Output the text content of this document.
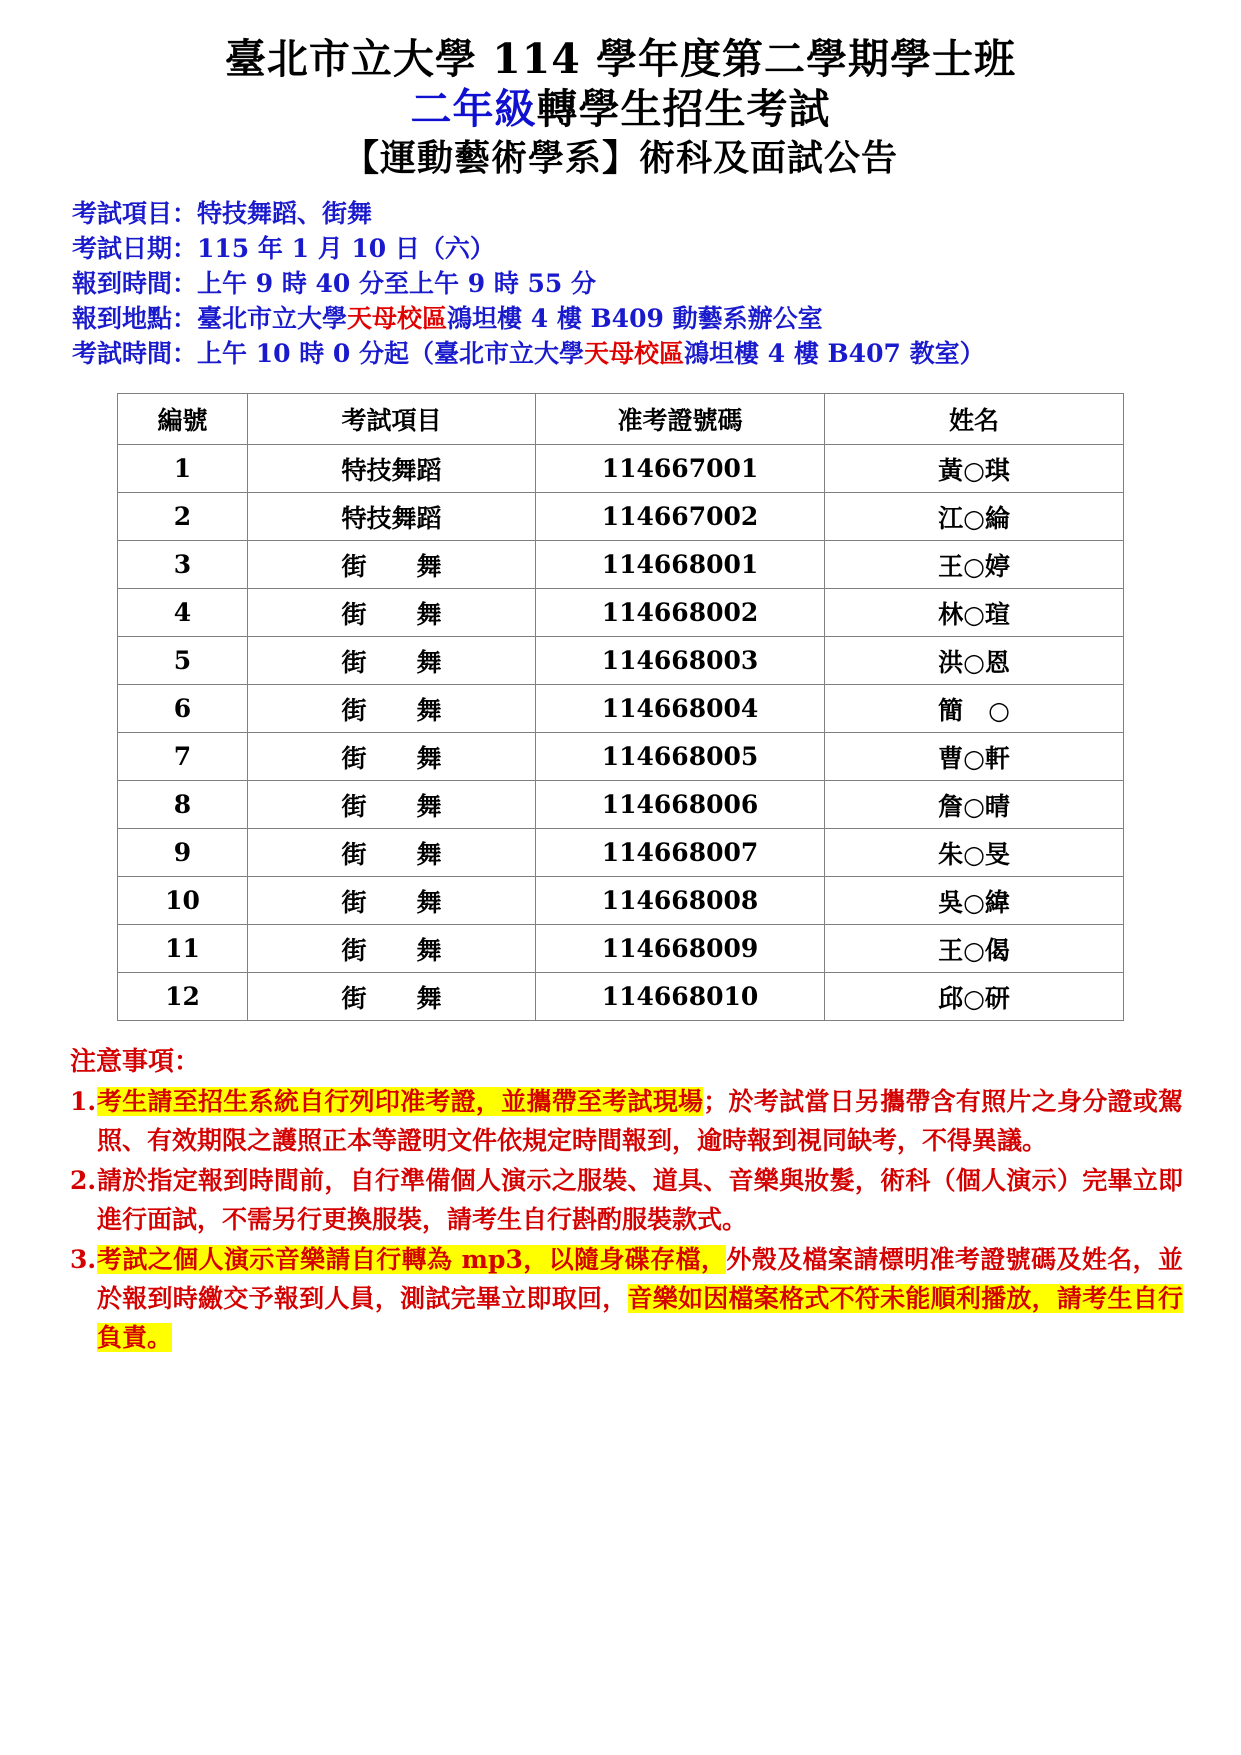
臺北市立大學 114 學年度第二學期學士班
二年級轉學生招生考試
【運動藝術學系】術科及面試公告
考試項目：特技舞蹈、街舞
考試日期：115 年 1 月 10 日（六）
報到時間：上午 9 時 40 分至上午 9 時 55 分
報到地點：臺北市立大學天母校區鴻坦樓 4 樓 B409 動藝系辦公室
考試時間：上午 10 時 0 分起（臺北市立大學天母校區鴻坦樓 4 樓 B407 教室）
編號	考試項目	准考證號碼	姓名
1	特技舞蹈	114667001	黃○琪
2	特技舞蹈	114667002	江○綸
3	街　　舞	114668001	王○婷
4	街　　舞	114668002	林○瑄
5	街　　舞	114668003	洪○恩
6	街　　舞	114668004	簡　○
7	街　　舞	114668005	曹○軒
8	街　　舞	114668006	詹○晴
9	街　　舞	114668007	朱○旻
10	街　　舞	114668008	吳○緯
11	街　　舞	114668009	王○偈
12	街　　舞	114668010	邱○研
注意事項：
1. 考生請至招生系統自行列印准考證，並攜帶至考試現場；於考試當日另攜帶含有照片之身分證或駕照、有效期限之護照正本等證明文件依規定時間報到，逾時報到視同缺考，不得異議。
2. 請於指定報到時間前，自行準備個人演示之服裝、道具、音樂與妝髮，術科（個人演示）完畢立即進行面試，不需另行更換服裝，請考生自行斟酌服裝款式。
3. 考試之個人演示音樂請自行轉為 mp3，以隨身碟存檔，外殼及檔案請標明准考證號碼及姓名，並於報到時繳交予報到人員，測試完畢立即取回，音樂如因檔案格式不符未能順利播放，請考生自行負責。
